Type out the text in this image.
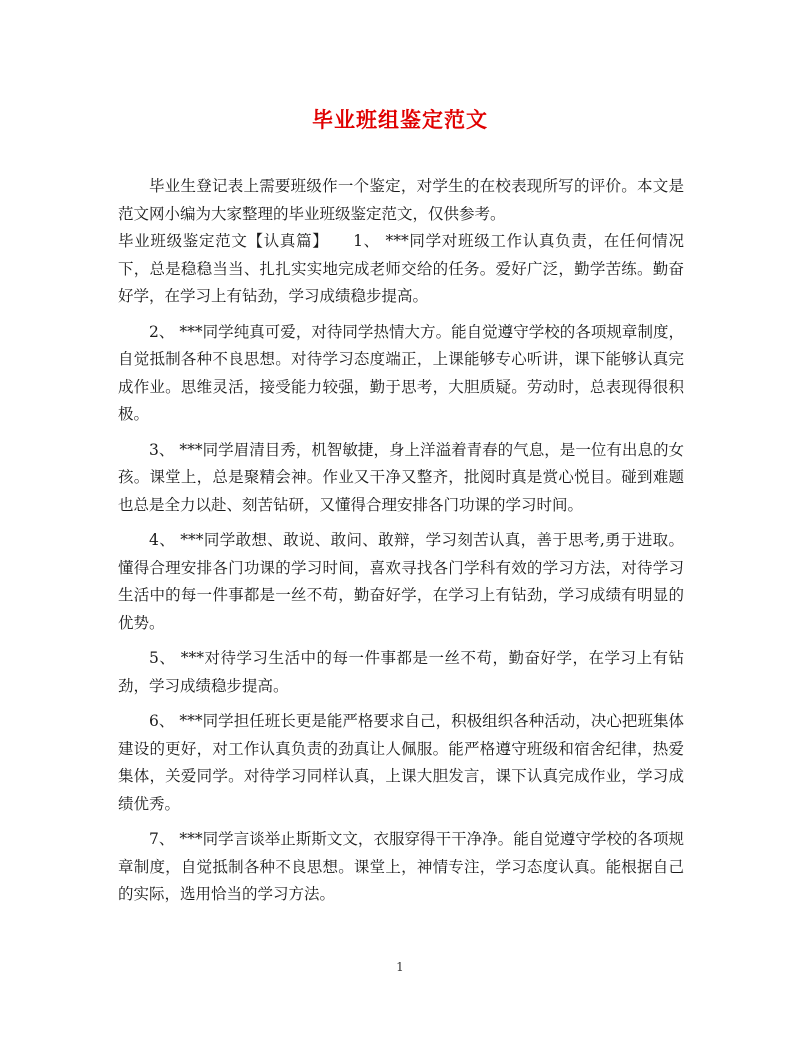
毕业班组鉴定范文

毕业生登记表上需要班级作一个鉴定，对学生的在校表现所写的评价。本文是范文网小编为大家整理的毕业班级鉴定范文，仅供参考。

毕业班级鉴定范文【认真篇】　　1、 ***同学对班级工作认真负责，在任何情况下，总是稳稳当当、扎扎实实地完成老师交给的任务。爱好广泛，勤学苦练。勤奋好学，在学习上有钻劲，学习成绩稳步提高。

2、 ***同学纯真可爱，对待同学热情大方。能自觉遵守学校的各项规章制度，自觉抵制各种不良思想。对待学习态度端正，上课能够专心听讲，课下能够认真完成作业。思维灵活，接受能力较强，勤于思考，大胆质疑。劳动时，总表现得很积极。

3、 ***同学眉清目秀，机智敏捷，身上洋溢着青春的气息，是一位有出息的女孩。课堂上，总是聚精会神。作业又干净又整齐，批阅时真是赏心悦目。碰到难题也总是全力以赴、刻苦钻研，又懂得合理安排各门功课的学习时间。

4、 ***同学敢想、敢说、敢问、敢辩，学习刻苦认真，善于思考,勇于进取。懂得合理安排各门功课的学习时间，喜欢寻找各门学科有效的学习方法，对待学习生活中的每一件事都是一丝不苟，勤奋好学，在学习上有钻劲，学习成绩有明显的优势。

5、 ***对待学习生活中的每一件事都是一丝不苟，勤奋好学，在学习上有钻劲，学习成绩稳步提高。

6、 ***同学担任班长更是能严格要求自己，积极组织各种活动，决心把班集体建设的更好，对工作认真负责的劲真让人佩服。能严格遵守班级和宿舍纪律，热爱集体，关爱同学。对待学习同样认真，上课大胆发言，课下认真完成作业，学习成绩优秀。

7、 ***同学言谈举止斯斯文文，衣服穿得干干净净。能自觉遵守学校的各项规章制度，自觉抵制各种不良思想。课堂上，神情专注，学习态度认真。能根据自己的实际，选用恰当的学习方法。

1
